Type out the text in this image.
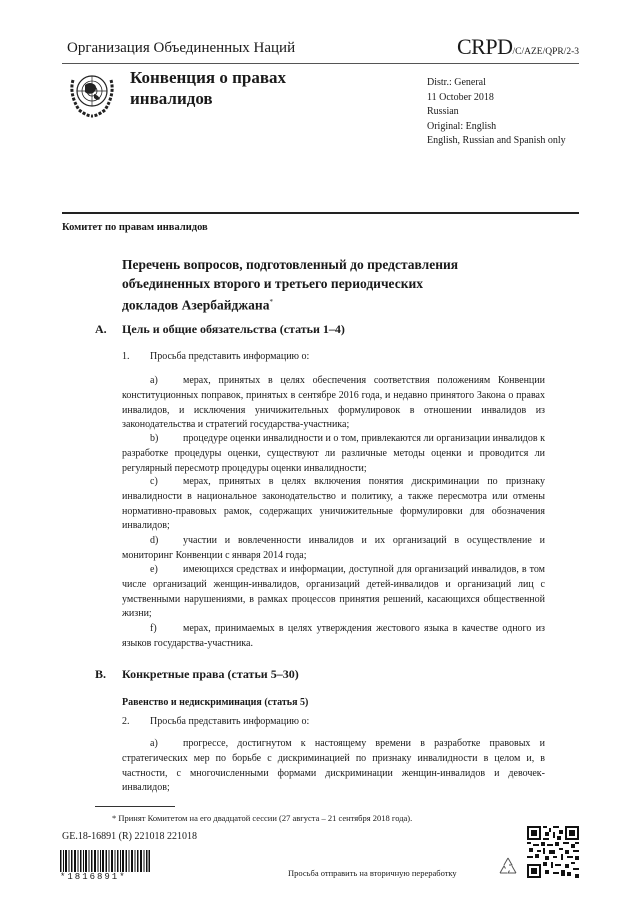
Организация Объединенных Наций	CRPD/C/AZE/QPR/2-3
Конвенция о правах
инвалидов
Distr.: General
11 October 2018
Russian
Original: English
English, Russian and Spanish only
Комитет по правам инвалидов
Перечень вопросов, подготовленный до представления
объединенных второго и третьего периодических
докладов Азербайджана*
A. Цель и общие обязательства (статьи 1–4)
1. Просьба представить информацию о:
a)	мерах, принятых в целях обеспечения соответствия положениям Конвенции конституционных поправок, принятых в сентябре 2016 года, и недавно принятого Закона о правах инвалидов, и исключения уничижительных формулировок в отношении инвалидов из законодательства и стратегий государства-участника;
b) процедуре оценки инвалидности и о том, привлекаются ли организации инвалидов к разработке процедуры оценки, существуют ли различные методы оценки и проводится ли регулярный пересмотр процедуры оценки инвалидности;
c)	мерах, принятых в целях включения понятия дискриминации по признаку инвалидности в национальное законодательство и политику, а также пересмотра или отмены нормативно-правовых рамок, содержащих уничижительные формулировки для обозначения инвалидов;
d) участии и вовлеченности инвалидов и их организаций в осуществление и мониторинг Конвенции с января 2014 года;
e)	имеющихся средствах и информации, доступной для организаций инвалидов, в том числе организаций женщин-инвалидов, организаций детей-инвалидов и организаций лиц с умственными нарушениями, в рамках процессов принятия решений, касающихся общественной жизни;
f)	мерах, принимаемых в целях утверждения жестового языка в качестве одного из языков государства-участника.
B. Конкретные права (статьи 5–30)
Равенство и недискриминация (статья 5)
2. Просьба представить информацию о:
a)	прогрессе, достигнутом к настоящему времени в разработке правовых и стратегических мер по борьбе с дискриминацией по признаку инвалидности в целом и, в частности, с многочисленными формами дискриминации женщин-инвалидов и девочек-инвалидов;
* Принят Комитетом на его двадцатой сессии (27 августа – 21 сентября 2018 года).
GE.18-16891 (R) 221018 221018
*1816891*	Просьба отправить на вторичную переработку
